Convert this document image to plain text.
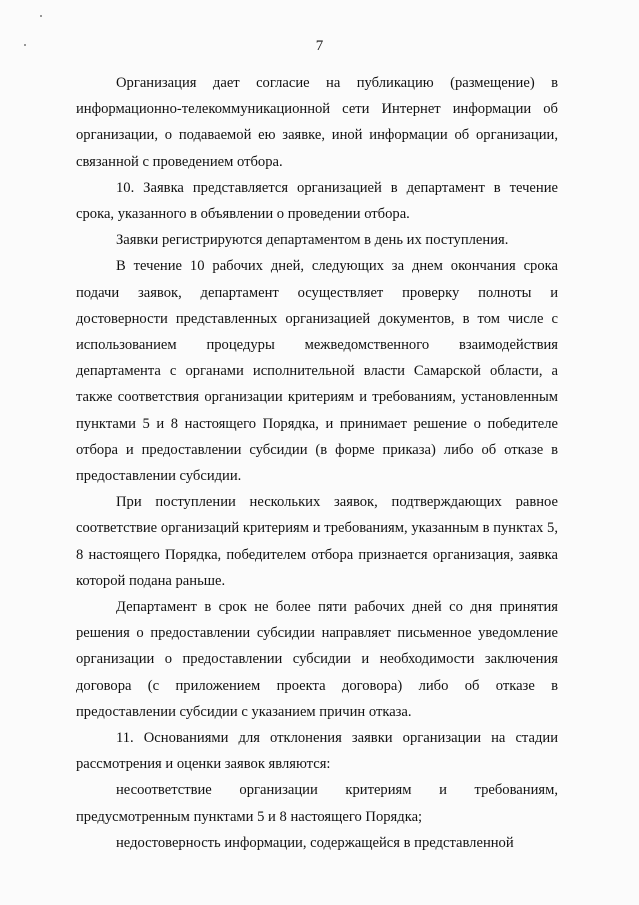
7

Организация дает согласие на публикацию (размещение) в информационно-телекоммуникационной сети Интернет информации об организации, о подаваемой ею заявке, иной информации об организации, связанной с проведением отбора.

10. Заявка представляется организацией в департамент в течение срока, указанного в объявлении о проведении отбора.

Заявки регистрируются департаментом в день их поступления.

В течение 10 рабочих дней, следующих за днем окончания срока подачи заявок, департамент осуществляет проверку полноты и достоверности представленных организацией документов, в том числе с использованием процедуры межведомственного взаимодействия департамента с органами исполнительной власти Самарской области, а также соответствия организации критериям и требованиям, установленным пунктами 5 и 8 настоящего Порядка, и принимает решение о победителе отбора и предоставлении субсидии (в форме приказа) либо об отказе в предоставлении субсидии.

При поступлении нескольких заявок, подтверждающих равное соответствие организаций критериям и требованиям, указанным в пунктах 5, 8 настоящего Порядка, победителем отбора признается организация, заявка которой подана раньше.

Департамент в срок не более пяти рабочих дней со дня принятия решения о предоставлении субсидии направляет письменное уведомление организации о предоставлении субсидии и необходимости заключения договора (с приложением проекта договора) либо об отказе в предоставлении субсидии с указанием причин отказа.

11. Основаниями для отклонения заявки организации на стадии рассмотрения и оценки заявок являются:

несоответствие организации критериям и требованиям, предусмотренным пунктами 5 и 8 настоящего Порядка;

недостоверность информации, содержащейся в представленной
